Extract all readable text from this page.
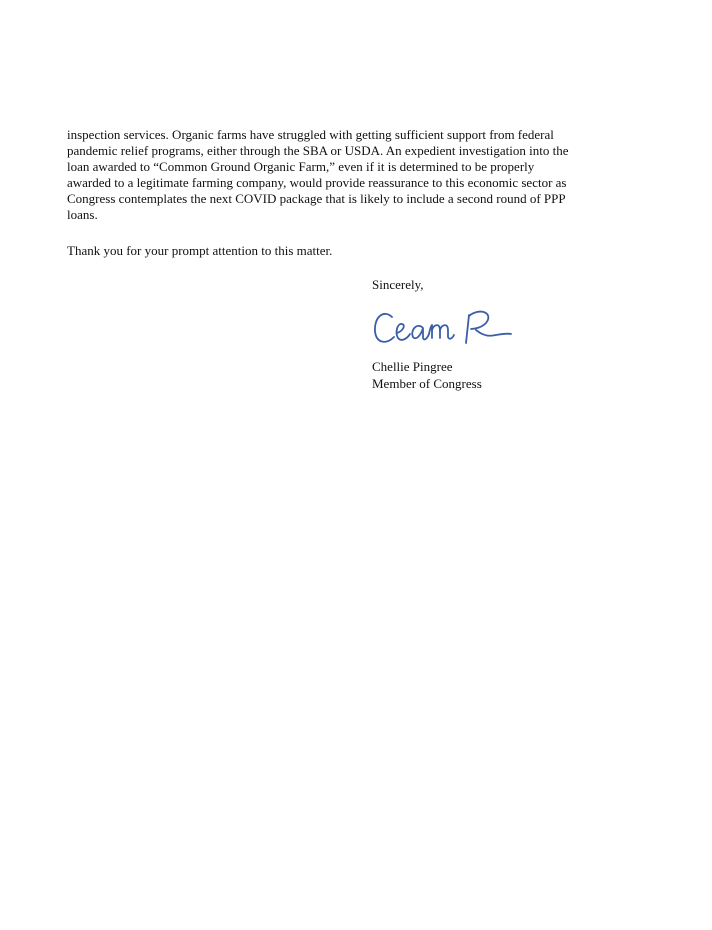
inspection services. Organic farms have struggled with getting sufficient support from federal
pandemic relief programs, either through the SBA or USDA. An expedient investigation into the
loan awarded to “Common Ground Organic Farm,” even if it is determined to be properly
awarded to a legitimate farming company, would provide reassurance to this economic sector as
Congress contemplates the next COVID package that is likely to include a second round of PPP
loans.

Thank you for your prompt attention to this matter.

Sincerely,

Chellie Pingree

Member of Congress
